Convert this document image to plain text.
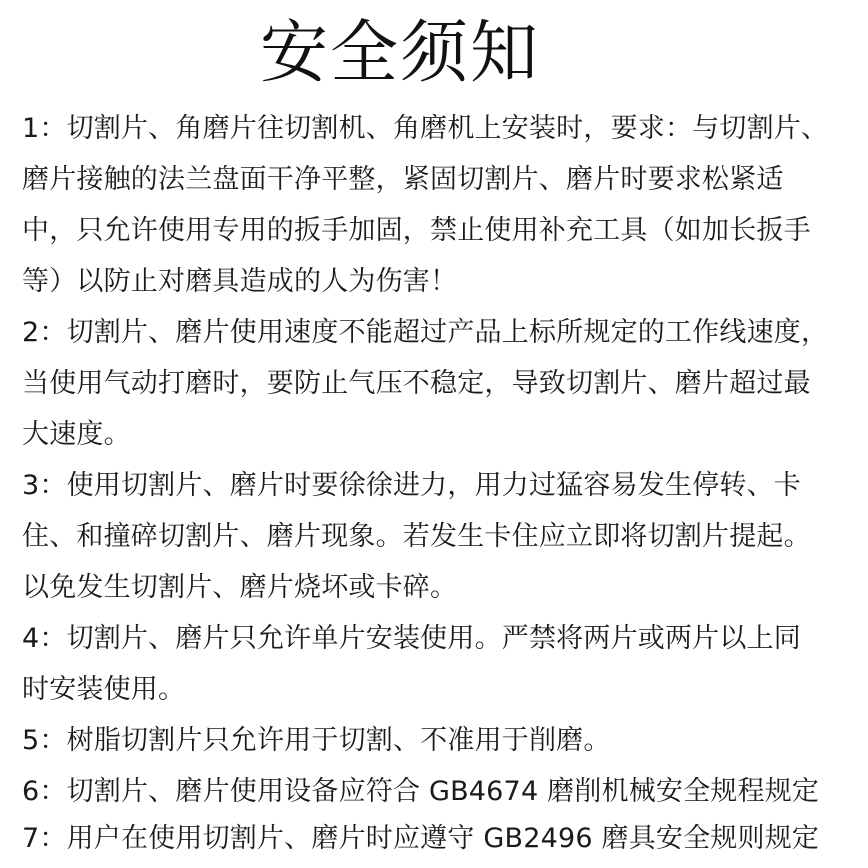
安全须知
1：切割片、角磨片往切割机、角磨机上安装时，要求：与切割片、
磨片接触的法兰盘面干净平整，紧固切割片、磨片时要求松紧适
中，只允许使用专用的扳手加固，禁止使用补充工具（如加长扳手
等）以防止对磨具造成的人为伤害！
2：切割片、磨片使用速度不能超过产品上标所规定的工作线速度，
当使用气动打磨时，要防止气压不稳定，导致切割片、磨片超过最
大速度。
3：使用切割片、磨片时要徐徐进力，用力过猛容易发生停转、卡
住、和撞碎切割片、磨片现象。若发生卡住应立即将切割片提起。
以免发生切割片、磨片烧坏或卡碎。
4：切割片、磨片只允许单片安装使用。严禁将两片或两片以上同
时安装使用。
5：树脂切割片只允许用于切割、不准用于削磨。
6：切割片、磨片使用设备应符合 GB4674 磨削机械安全规程规定
7：用户在使用切割片、磨片时应遵守 GB2496 磨具安全规则规定
